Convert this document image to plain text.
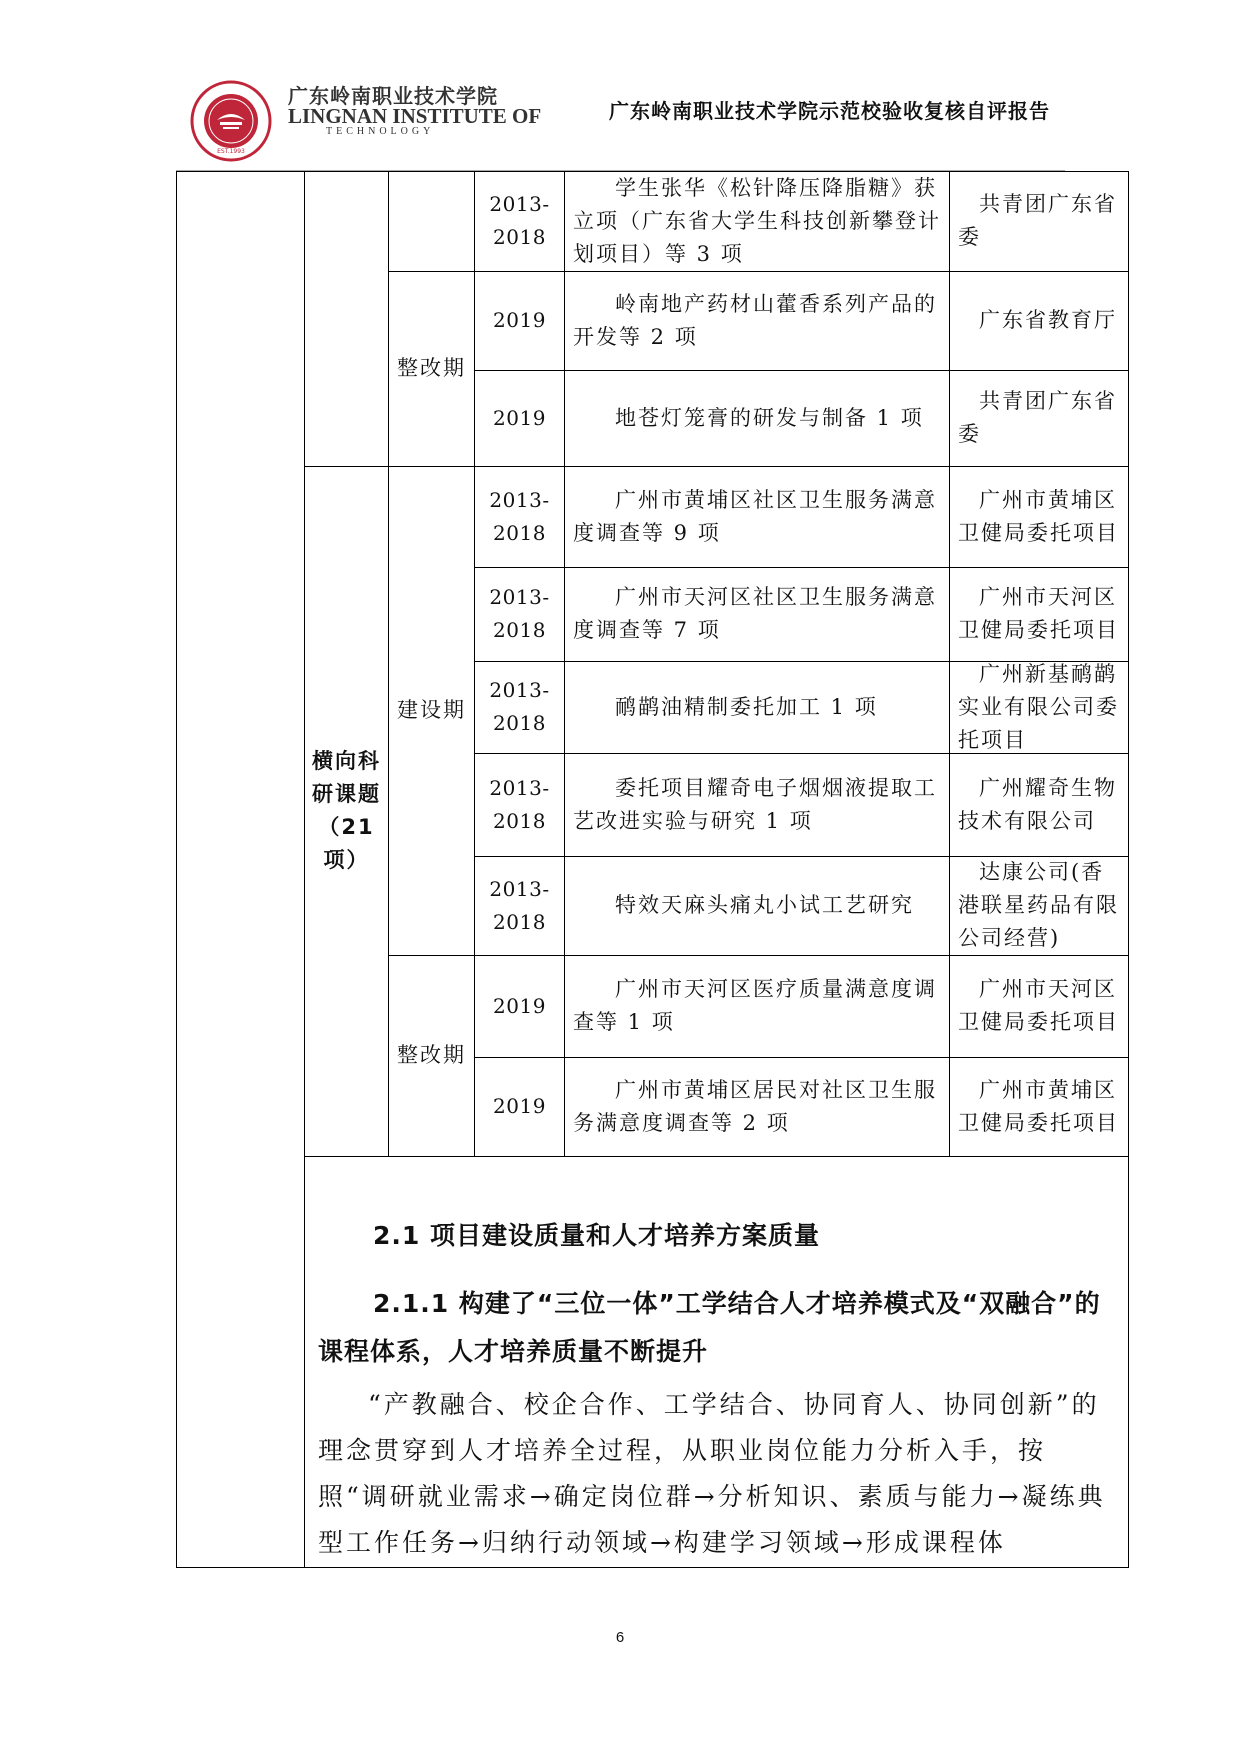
EST.1993
广东岭南职业技术学院
LINGNAN INSTITUTE OF
TECHNOLOGY
广东岭南职业技术学院示范校验收复核自评报告
整改期
2013-2018
学生张华《松针降压降脂糖》获立项（广东省大学生科技创新攀登计划项目）等 3 项
共青团广东省委
2019
岭南地产药材山藿香系列产品的开发等 2 项
广东省教育厅
2019	地苍灯笼膏的研发与制备 1 项
共青团广东省委
横向科研课题（21项）
建设期
整改期
2013-2018
广州市黄埔区社区卫生服务满意度调查等 9 项
广州市黄埔区卫健局委托项目
2013-2018
广州市天河区社区卫生服务满意度调查等 7 项
广州市天河区卫健局委托项目
2013-2018
鸸鹋油精制委托加工 1 项
广州新基鸸鹋实业有限公司委托项目
2013-2018
委托项目耀奇电子烟烟液提取工艺改进实验与研究 1 项
广州耀奇生物技术有限公司
2013-2018
特效天麻头痛丸小试工艺研究
达康公司(香港联星药品有限公司经营)
2019
广州市天河区医疗质量满意度调查等 1 项
广州市天河区卫健局委托项目
2019
广州市黄埔区居民对社区卫生服务满意度调查等 2 项
广州市黄埔区卫健局委托项目
2.1 项目建设质量和人才培养方案质量
2.1.1 构建了“三位一体”工学结合人才培养模式及“双融合”的课程体系，人才培养质量不断提升
“产教融合、校企合作、工学结合、协同育人、协同创新”的理念贯穿到人才培养全过程，从职业岗位能力分析入手，按照“调研就业需求→确定岗位群→分析知识、素质与能力→凝练典型工作任务→归纳行动领域→构建学习领域→形成课程体
6
